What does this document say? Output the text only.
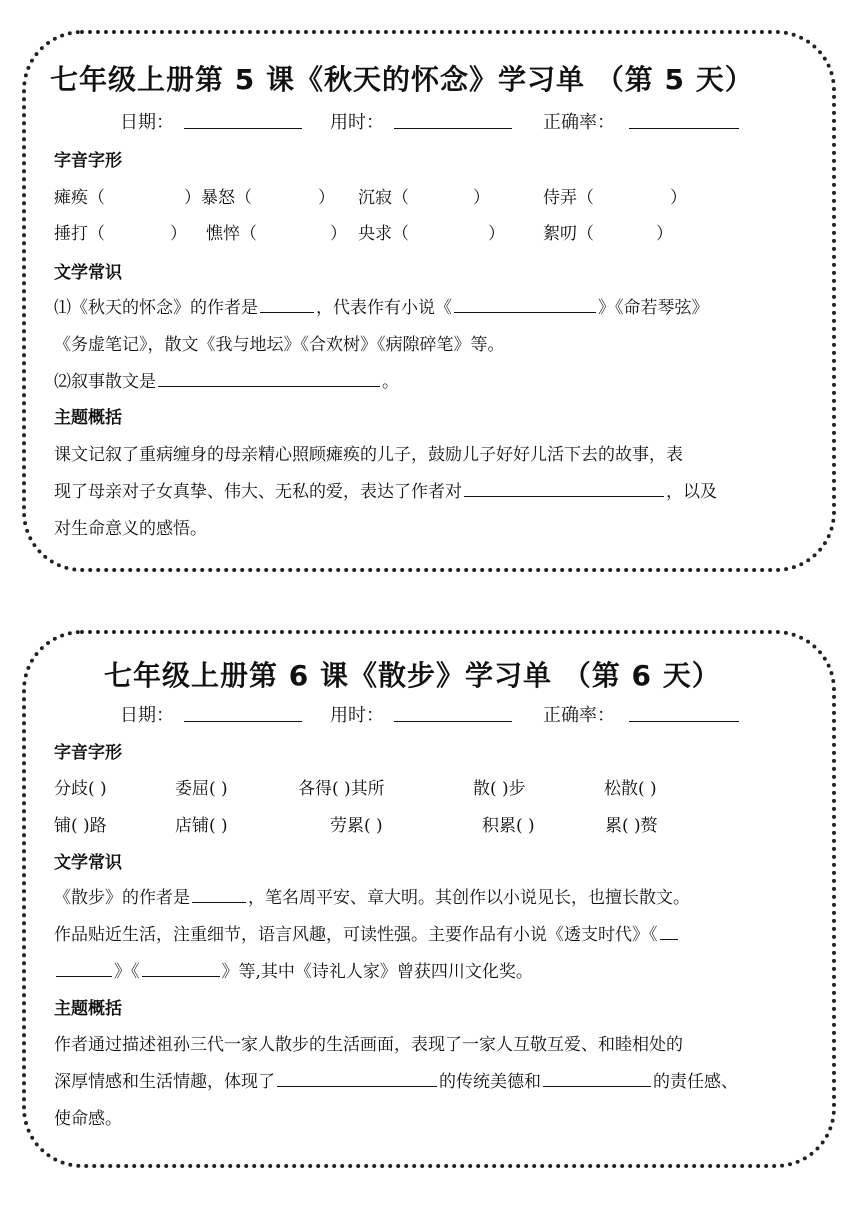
七年级上册第 5 课《秋天的怀念》学习单 （第 5 天）
日期：	用时：	正确率：
字音字形
瘫痪（	）暴怒（	） 沉寂（	）	侍弄（	）
捶打（	） 憔悴（	） 央求（	） 絮叨（	）
文学常识
⑴《秋天的怀念》的作者是	，代表作有小说《	》《命若琴弦》
《务虚笔记》，散文《我与地坛》《合欢树》《病隙碎笔》等。
⑵叙事散文是	。
主题概括
课文记叙了重病缠身的母亲精心照顾瘫痪的儿子，鼓励儿子好好儿活下去的故事，表
现了母亲对子女真挚、伟大、无私的爱，表达了作者对	，以及
对生命意义的感悟。
七年级上册第 6 课《散步》学习单 （第 6 天）
日期：	用时：	正确率：
字音字形
分歧( )	委屈( )	各得( )其所	散( )步	松散( )
铺( )路	店铺( )	劳累( )	积累( )	累( )赘
文学常识
《散步》的作者是	，笔名周平安、章大明。其创作以小说见长，也擅长散文。
作品贴近生活，注重细节，语言风趣，可读性强。主要作品有小说《透支时代》《
》《	》等,其中《诗礼人家》曾获四川文化奖。
主题概括
作者通过描述祖孙三代一家人散步的生活画面，表现了一家人互敬互爱、和睦相处的
深厚情感和生活情趣，体现了	的传统美德和	的责任感、
使命感。
